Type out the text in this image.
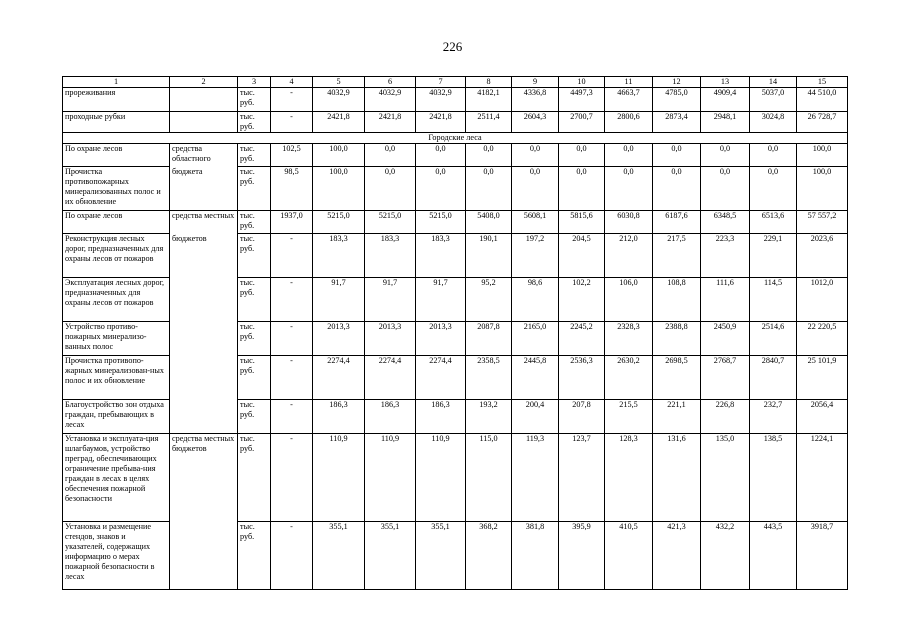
226
1	2	3	4	5	6	7	8	9	10	11	12	13	14	15
прореживания		тыс. руб.	-	4032,9	4032,9	4032,9	4182,1	4336,8	4497,3	4663,7	4785,0	4909,4	5037,0	44 510,0
проходные рубки		тыс. руб.	-	2421,8	2421,8	2421,8	2511,4	2604,3	2700,7	2800,6	2873,4	2948,1	3024,8	26 728,7
Городские леса														
По охране лесов	средства областного	тыс. руб.	102,5	100,0	0,0	0,0	0,0	0,0	0,0	0,0	0,0	0,0	0,0	100,0
Прочистка противопожарных минерализованных полос и их обновление	бюджета	тыс. руб.	98,5	100,0	0,0	0,0	0,0	0,0	0,0	0,0	0,0	0,0	0,0	100,0
По охране лесов	средства местных	тыс. руб.	1937,0	5215,0	5215,0	5215,0	5408,0	5608,1	5815,6	6030,8	6187,6	6348,5	6513,6	57 557,2
Реконструкция лесных дорог, предназначенных для охраны лесов от пожаров	бюджетов	тыс. руб.	-	183,3	183,3	183,3	190,1	197,2	204,5	212,0	217,5	223,3	229,1	2023,6
Эксплуатация лесных дорог, предназначенных для охраны лесов от пожаров		тыс. руб.	-	91,7	91,7	91,7	95,2	98,6	102,2	106,0	108,8	111,6	114,5	1012,0
Устройство противо-пожарных минерализо-ванных полос		тыс. руб.	-	2013,3	2013,3	2013,3	2087,8	2165,0	2245,2	2328,3	2388,8	2450,9	2514,6	22 220,5
Прочистка противопо-жарных минерализован-ных полос и их обновление		тыс. руб.	-	2274,4	2274,4	2274,4	2358,5	2445,8	2536,3	2630,2	2698,5	2768,7	2840,7	25 101,9
Благоустройство зон отдыха граждан, пребывающих в лесах		тыс. руб.	-	186,3	186,3	186,3	193,2	200,4	207,8	215,5	221,1	226,8	232,7	2056,4
Установка и эксплуата-ция шлагбаумов, устройство преград, обеспечивающих ограничение пребыва-ния граждан в лесах в целях обеспечения пожарной безопасности	средства местных бюджетов	тыс. руб.	-	110,9	110,9	110,9	115,0	119,3	123,7	128,3	131,6	135,0	138,5	1224,1
Установка и размещение стендов, знаков и указателей, содержащих информацию о мерах пожарной безопасности в лесах		тыс. руб.	-	355,1	355,1	355,1	368,2	381,8	395,9	410,5	421,3	432,2	443,5	3918,7
